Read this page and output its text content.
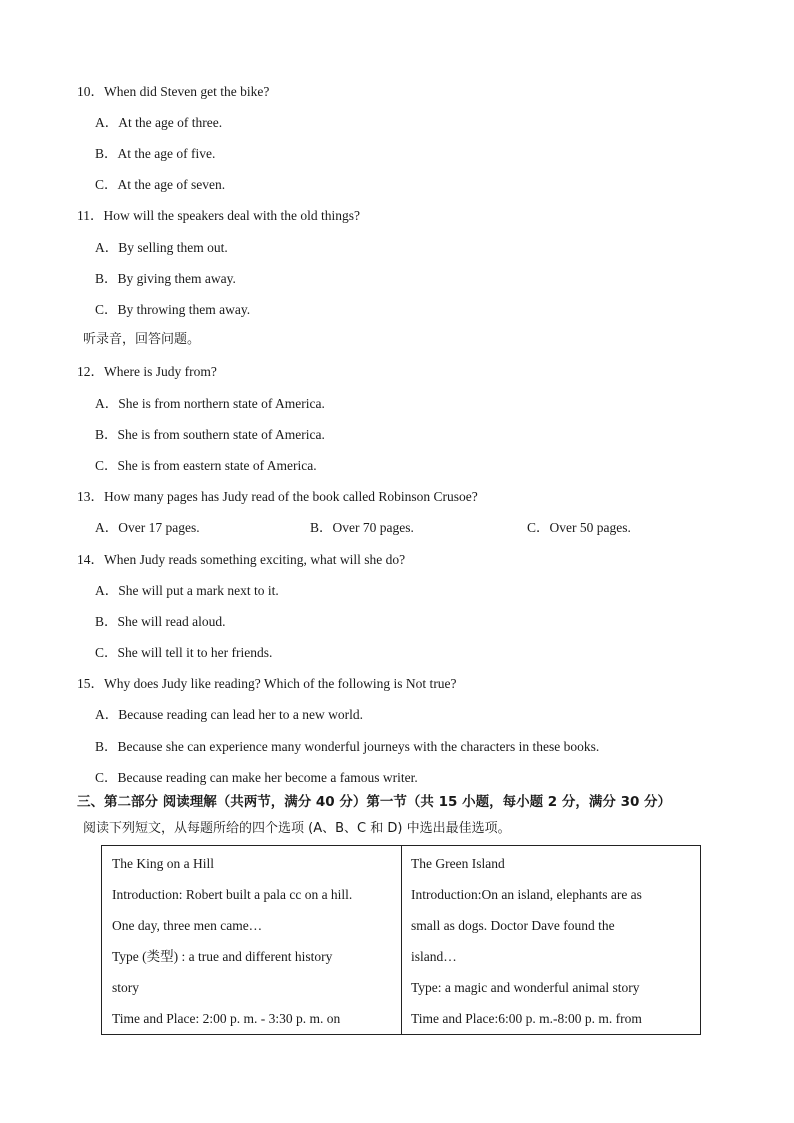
10．When did Steven get the bike?
A．At the age of three.
B．At the age of five.
C．At the age of seven.
11．How will the speakers deal with the old things?
A．By selling them out.
B．By giving them away.
C．By throwing them away.
听录音，回答问题。
12．Where is Judy from?
A．She is from northern state of America.
B．She is from southern state of America.
C．She is from eastern state of America.
13．How many pages has Judy read of the book called Robinson Crusoe?
A．Over 17 pages.	B．Over 70 pages.	C．Over 50 pages.
14．When Judy reads something exciting, what will she do?
A．She will put a mark next to it.
B．She will read aloud.
C．She will tell it to her friends.
15．Why does Judy like reading? Which of the following is Not true?
A．Because reading can lead her to a new world.
B．Because she can experience many wonderful journeys with the characters in these books.
C．Because reading can make her become a famous writer.
三、第二部分 阅读理解（共两节，满分 40 分）第一节（共 15 小题，每小题 2 分，满分 30 分）
阅读下列短文，从每题所给的四个选项 (A、B、C 和 D) 中选出最佳选项。
The King on a Hill
Introduction: Robert built a pala cc on a hill.
One day, three men came…
Type (类型) : a true and different history
story
Time and Place: 2:00 p. m. - 3:30 p. m. on
The Green Island
Introduction:On an island, elephants are as
small as dogs. Doctor Dave found the
island…
Type: a magic and wonderful animal story
Time and Place:6:00 p. m.-8:00 p. m. from
